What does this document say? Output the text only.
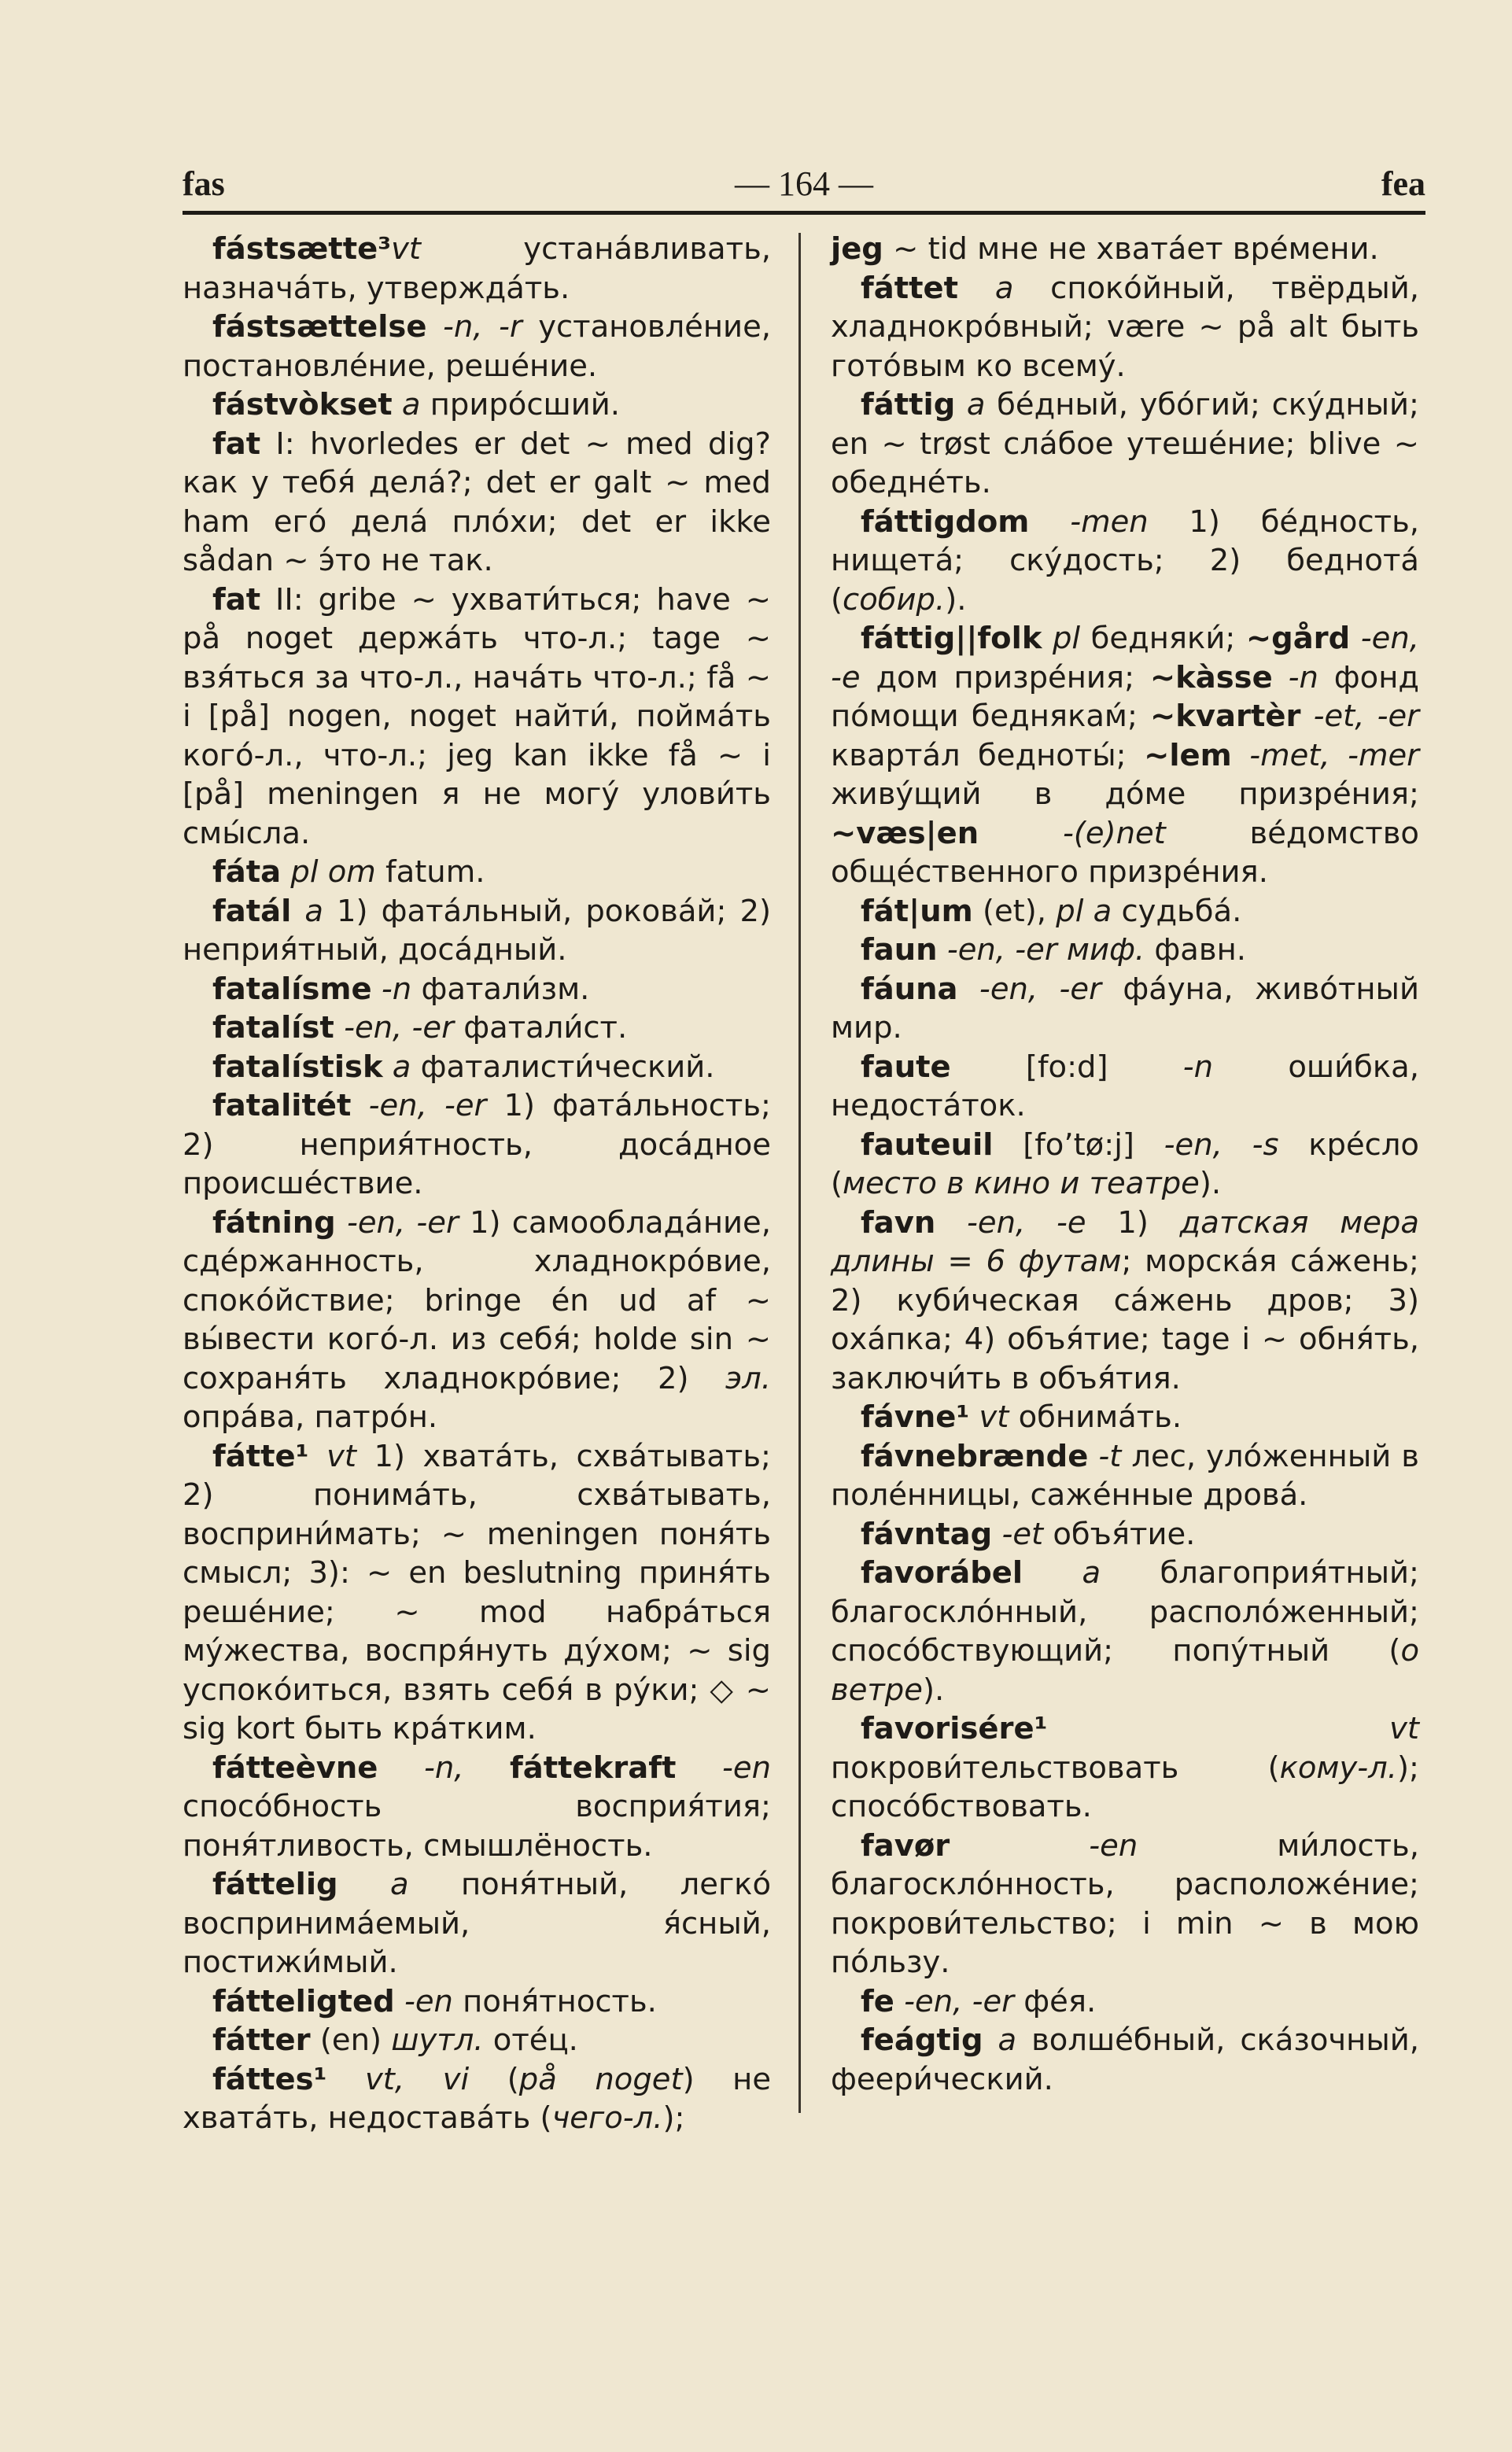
fas	— 164 —	fea

fástsætte³vt устана́вливать, назнача́ть, утвержда́ть.

fástsættelse -n, -r установле́ние, постановле́ние, реше́ние.

fástvòkset a приро́сший.

fat I: hvorledes er det ~ med dig? как у тебя́ дела́?; det er galt ~ med ham его́ дела́ пло́хи; det er ikke sådan ~ э́то не так.

fat II: gribe ~ ухвати́ться; have ~ på noget держа́ть что-л.; tage ~ взя́ться за что-л., нача́ть что-л.; få ~ i [på] nogen, noget найти́, пойма́ть кого́-л., что-л.; jeg kan ikke få ~ i [på] meningen я не могу́ улови́ть смы́сла.

fáta pl om fatum.

fatál a 1) фата́льный, рокова́й; 2) неприя́тный, доса́дный.

fatalísme -n фатали́зм.

fatalíst -en, -er фатали́ст.

fatalístisk a фаталисти́ческий.

fatalitét -en, -er 1) фата́льность; 2) неприя́тность, доса́дное происше́ствие.

fátning -en, -er 1) самооблада́ние, сде́ржанность, хладнокро́вие, споко́йствие; bringe én ud af ~ вы́вести кого́-л. из себя́; holde sin ~ сохраня́ть хладнокро́вие; 2) эл. опра́ва, патро́н.

fátte¹ vt 1) хвата́ть, схва́тывать; 2) понима́ть, схва́тывать, восприни́мать; ~ meningen поня́ть смысл; 3): ~ en beslutning приня́ть реше́ние; ~ mod набра́ться му́жества, воспря́нуть ду́хом; ~ sig успоко́иться, взять себя́ в ру́ки; ◇ ~ sig kort быть кра́тким.

fátteèvne -n, fáttekraft -en спосо́бность восприя́тия; поня́тливость, смышлёность.

fáttelig a поня́тный, легко́ воспринима́емый, я́сный, постижи́мый.

fátteligted -en поня́тность.

fátter (en) шутл. оте́ц.

fáttes¹ vt, vi (på noget) не хвата́ть, недостава́ть (чего-л.);

jeg ~ tid мне не хвата́ет вре́мени.

fáttet a споко́йный, твёрдый, хладнокро́вный; være ~ på alt быть гото́вым ко всему́.

fáttig a бе́дный, убо́гий; ску́дный; en ~ trøst сла́бое утеше́ние; blive ~ обедне́ть.

fáttigdom -men 1) бе́дность, нищета́; ску́дость; 2) беднота́ (собир.).

fáttig||folk pl бедняки́; ~gård -en, -e дом призре́ния; ~kàsse -n фонд по́мощи беднякам́; ~kvartèr -et, -er кварта́л бедноты́; ~lem -met, -mer живу́щий в до́ме призре́ния; ~væs|en	-(e)net ве́домство обще́ственного призре́ния.

fát|um (et), pl a судьба́.

faun -en, -er миф. фавн.

fáuna -en, -er фа́уна, живо́тный мир.

faute [fo:d] -n оши́бка, недоста́ток.

fauteuil [fo’tø:j] -en, -s кре́сло (место в кино и театре).

favn -en, -e 1) датская мера длины = 6 футам; морска́я са́жень; 2) куби́ческая са́жень дров; 3) оха́пка; 4) объя́тие; tage i ~ обня́ть, заключи́ть в объя́тия.

fávne¹ vt обнима́ть.

fávnebrænde -t лес, уло́женный в поле́нницы, саже́нные дрова́.

fávntag -et объя́тие.

favorábel a благоприя́тный; благоскло́нный, располо́женный; спосо́бствующий; попу́тный (о ветре).

favorisére¹	vt покрови́тельствовать (кому-л.); спосо́бствовать.

favør	-en ми́лость, благоскло́нность, расположе́ние; покрови́тельство; i min ~ в мою по́льзу.

fe -en, -er фе́я.

feágtig a волше́бный, ска́зочный, феери́ческий.
